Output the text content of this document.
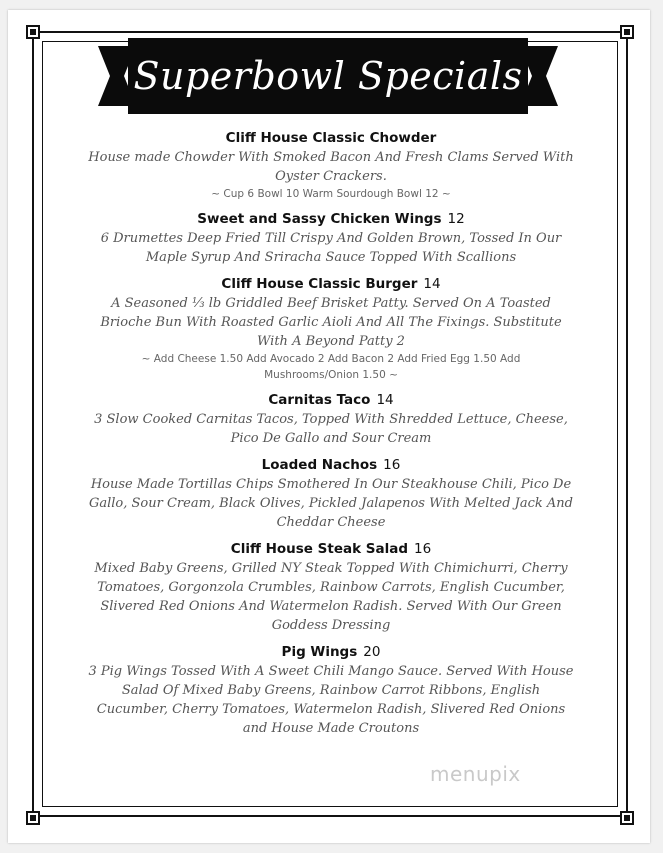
Superbowl Specials
Cliff House Classic Chowder
House made Chowder With Smoked Bacon And Fresh Clams Served With Oyster Crackers.
~ Cup 6 Bowl 10 Warm Sourdough Bowl 12 ~
Sweet and Sassy Chicken Wings 12
6 Drumettes Deep Fried Till Crispy And Golden Brown, Tossed In Our Maple Syrup And Sriracha Sauce Topped With Scallions
Cliff House Classic Burger 14
A Seasoned ⅓ lb Griddled Beef Brisket Patty. Served On A Toasted Brioche Bun With Roasted Garlic Aioli And All The Fixings. Substitute With A Beyond Patty 2
~ Add Cheese 1.50 Add Avocado 2 Add Bacon 2 Add Fried Egg 1.50 Add Mushrooms/Onion 1.50 ~
Carnitas Taco 14
3 Slow Cooked Carnitas Tacos, Topped With Shredded Lettuce, Cheese, Pico De Gallo and Sour Cream
Loaded Nachos 16
House Made Tortillas Chips Smothered In Our Steakhouse Chili, Pico De Gallo, Sour Cream, Black Olives, Pickled Jalapenos With Melted Jack And Cheddar Cheese
Cliff House Steak Salad 16
Mixed Baby Greens, Grilled NY Steak Topped With Chimichurri, Cherry Tomatoes, Gorgonzola Crumbles, Rainbow Carrots, English Cucumber, Slivered Red Onions And Watermelon Radish. Served With Our Green Goddess Dressing
Pig Wings 20
3 Pig Wings Tossed With A Sweet Chili Mango Sauce. Served With House Salad Of Mixed Baby Greens, Rainbow Carrot Ribbons, English Cucumber, Cherry Tomatoes, Watermelon Radish, Slivered Red Onions and House Made Croutons
menupix
